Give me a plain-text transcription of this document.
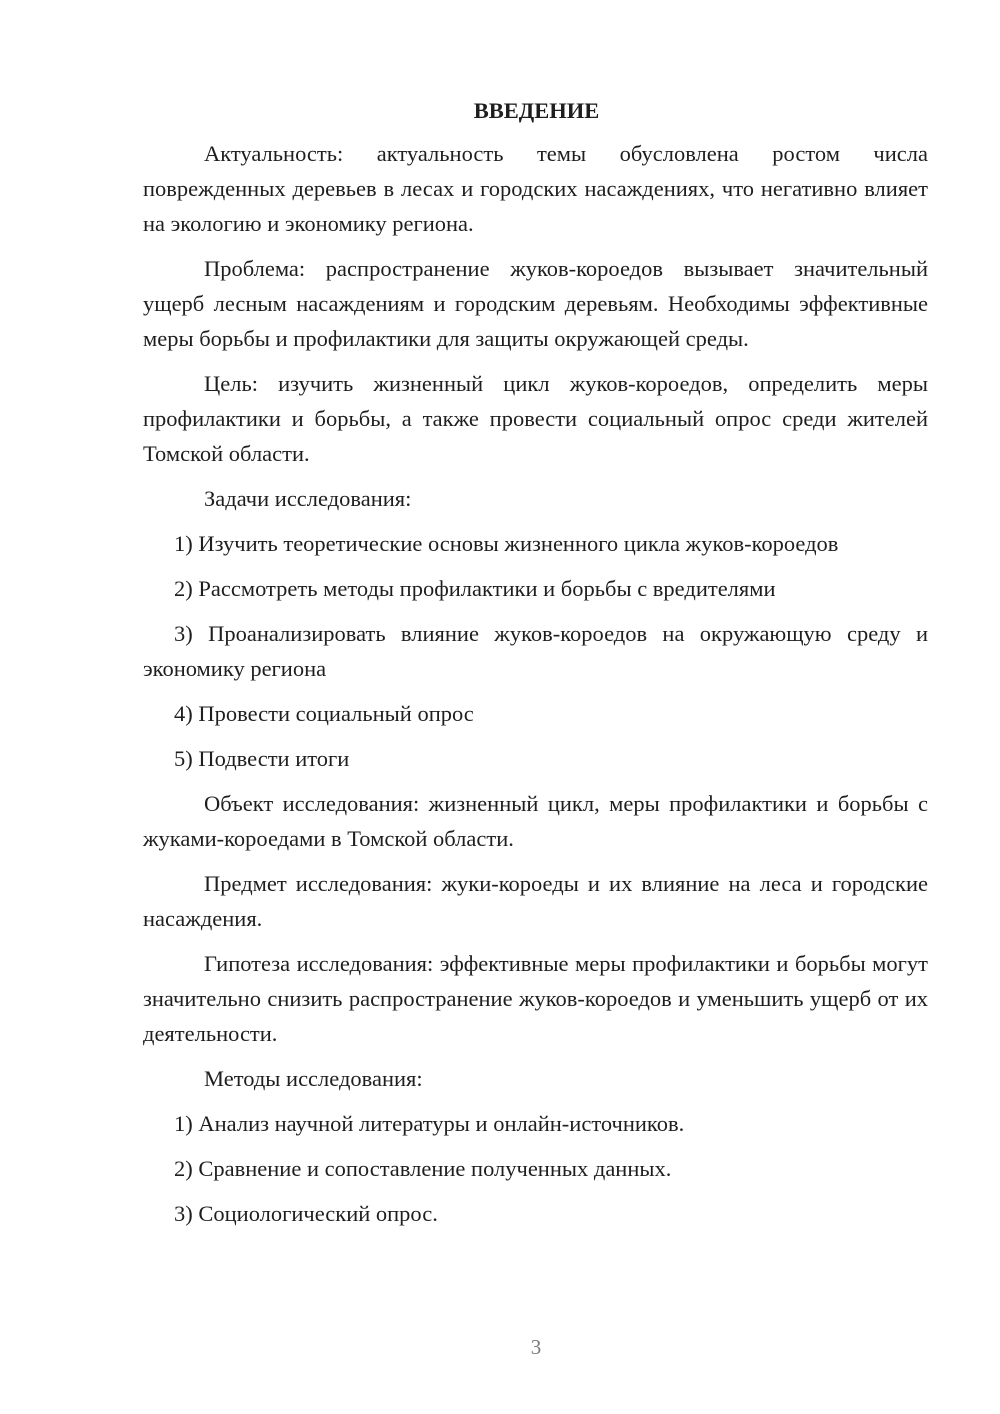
ВВЕДЕНИЕ

Актуальность: актуальность темы обусловлена ростом числа поврежденных деревьев в лесах и городских насаждениях, что негативно влияет на экологию и экономику региона.

Проблема: распространение жуков-короедов вызывает значительный ущерб лесным насаждениям и городским деревьям. Необходимы эффективные меры борьбы и профилактики для защиты окружающей среды.

Цель: изучить жизненный цикл жуков-короедов, определить меры профилактики и борьбы, а также провести социальный опрос среди жителей Томской области.

Задачи исследования:

1) Изучить теоретические основы жизненного цикла жуков-короедов

2) Рассмотреть методы профилактики и борьбы с вредителями

3) Проанализировать влияние жуков-короедов на окружающую среду и экономику региона

4) Провести социальный опрос

5) Подвести итоги

Объект исследования: жизненный цикл, меры профилактики и борьбы с жуками-короедами в Томской области.

Предмет исследования: жуки-короеды и их влияние на леса и городские насаждения.

Гипотеза исследования: эффективные меры профилактики и борьбы могут значительно снизить распространение жуков-короедов и уменьшить ущерб от их деятельности.

Методы исследования:

1) Анализ научной литературы и онлайн-источников.

2) Сравнение и сопоставление полученных данных.

3) Социологический опрос.

3
